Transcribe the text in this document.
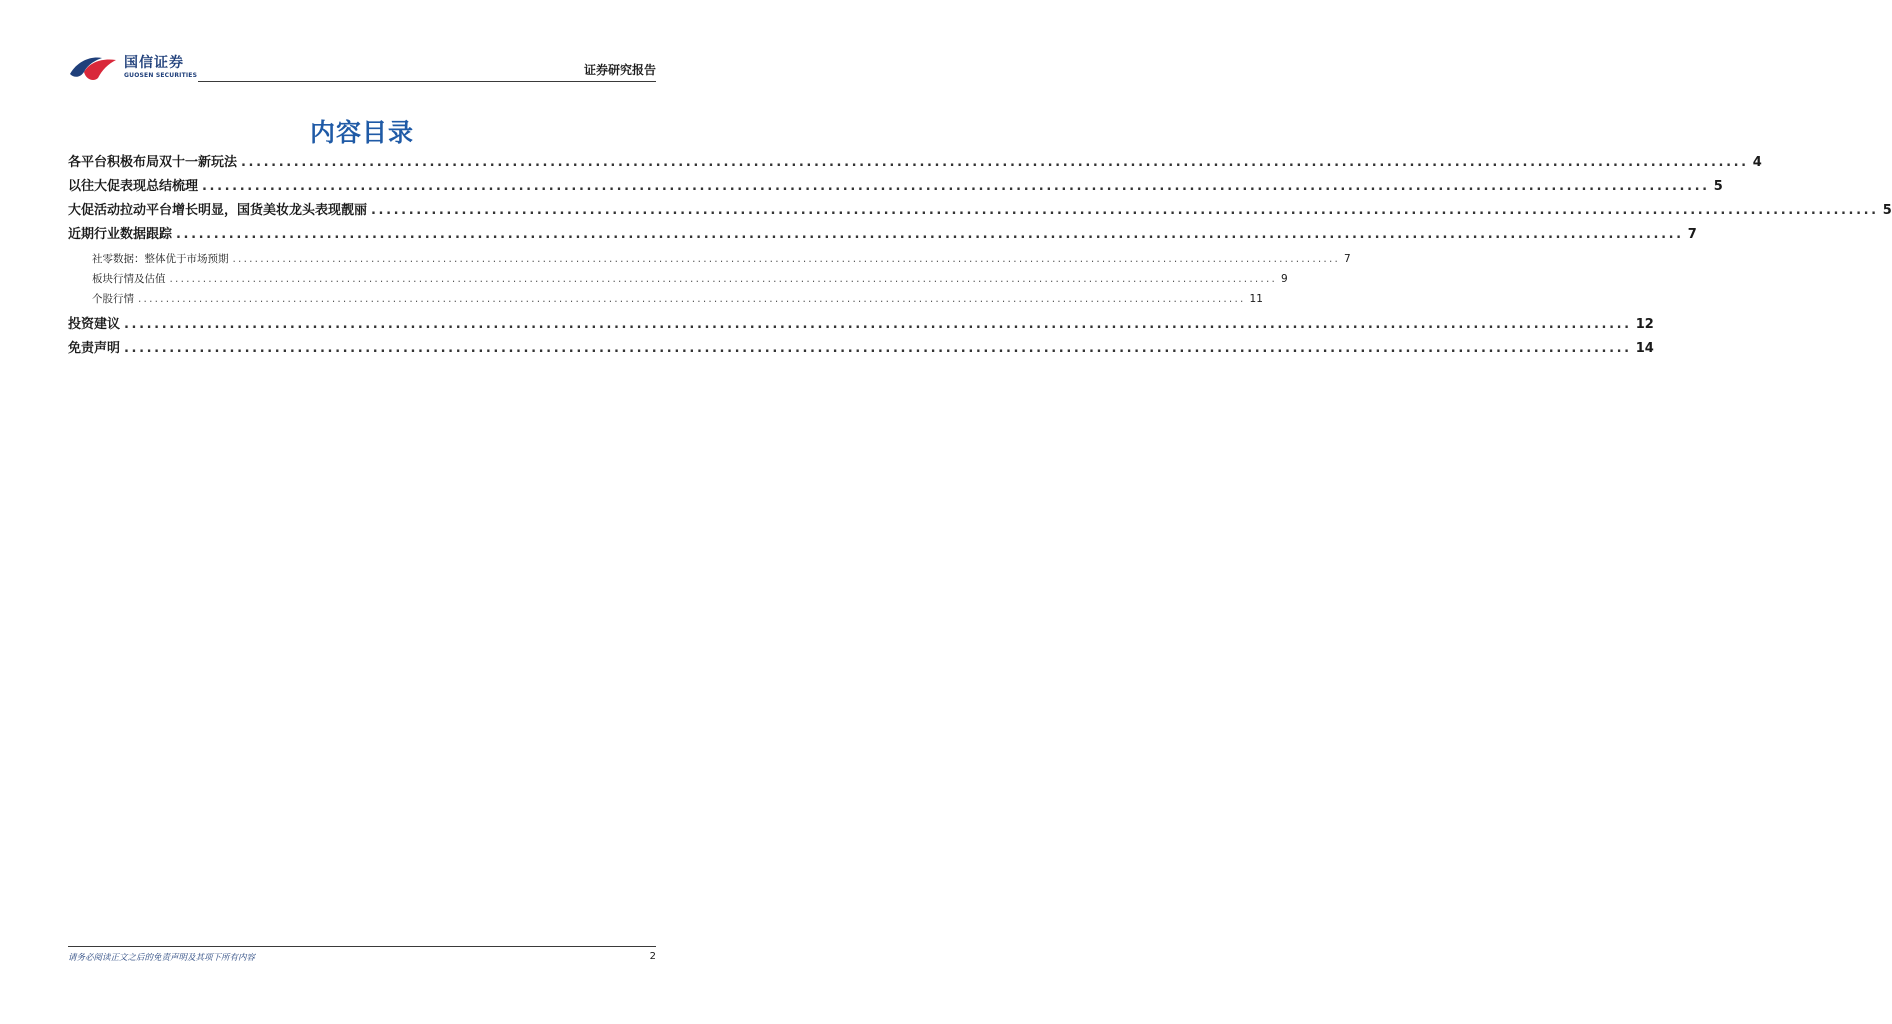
国信证券
GUOSEN SECURITIES	证券研究报告
内容目录
各平台积极布局双十一新玩法 ........................................................................................................................................................................................................ 4
以往大促表现总结梳理 ........................................................................................................................................................................................................ 5
大促活动拉动平台增长明显，国货美妆龙头表现靓丽 ........................................................................................................................................................................................................ 5
近期行业数据跟踪 ........................................................................................................................................................................................................ 7
社零数据：整体优于市场预期 ........................................................................................................................................................................................................ 7
板块行情及估值 ........................................................................................................................................................................................................ 9
个股行情 ........................................................................................................................................................................................................ 11
投资建议 ........................................................................................................................................................................................................ 12
免责声明 ........................................................................................................................................................................................................ 14
请务必阅读正文之后的免责声明及其项下所有内容	2
